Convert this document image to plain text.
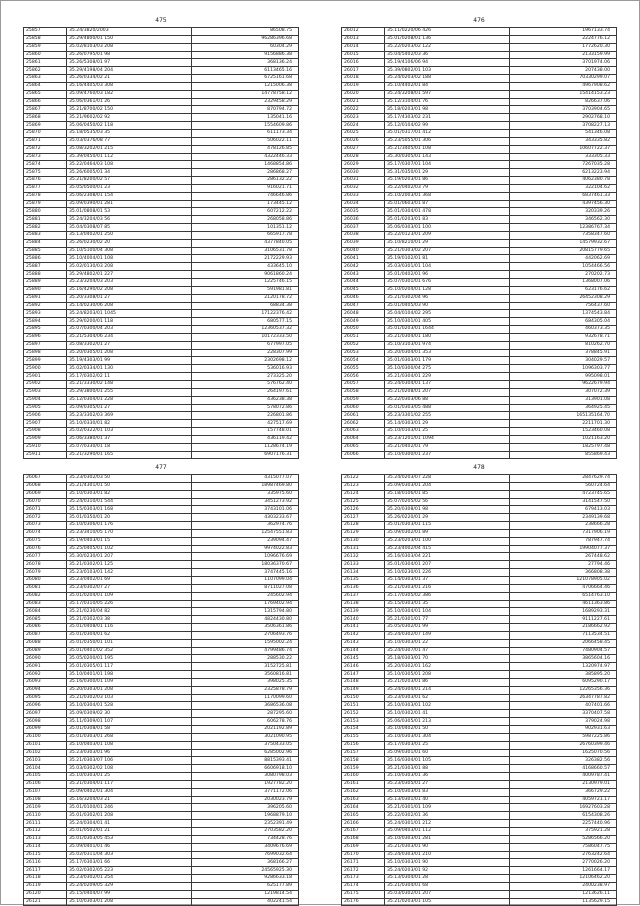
475
25857	35.24/3820/2003	86508.75
25858	35.29/4800/01 150	96286396.68
25859	35.02/8103/03 208	60304.29
25860	35.26/0795/01 98	9156886.38
25861	35.26/5308/01 97	368136.24
25862	35.29/4198/04 204	6113465.16
25863	35.26/0334/02 21	6725161.68
25864	35.16/4405/03 308	1215006.38
25865	35.09/4760/03 182	14778758.12
25866	35.06/0361/01 26	2329458.29
25867	35.21/8700/02 150	870794.72
25868	35.21/9602/02 92	135041.16
25869	35.06/0450/02 118	1554609.86
25870	35.18/0535/03 35	611173.34
25871	35.03/0376/08 77	506022.11
25872	35.08/3202/01 215	478126.85
25873	35.39/0450/01 112	4322446.33
25874	35.22/0464/03 108	1468854.86
25875	35.26/6005/01 34	286868.27
25876	35.21/8200/02 57	286132.22
25877	35.05/0500/01 23	916021.71
25878	35.06/2308/01 154	746646.86
25879	35.09/0390/01 281	173445.12
25880	35.01/0808/01 53	607212.22
25881	35.24/3204/03 56	268058.86
25882	35.04/0308/07 85	101351.12
25883	35.13/0402/01 250	665917.78
25884	35.26/0230/02 20	4377840.05
25885	35.10/5100/04 308	3106531.78
25886	35.10/4004/01 108	2172229.93
25887	35.02/0130/03 208	433645.10
25888	35.29/4802/01 227	9061860.24
25889	35.23/3204/03 203	1225746.15
25890	35.16/4290/02 208	591981.81
25891	35.20/3308/01 27	2120178.72
25892	35.14/0230/06 208	68834.38
25893	35.24/8203/01 1045	17122376.42
25894	35.29/0200/01 118	680577.15
25895	35.07/0300/04 203	12360537.32
25896	35.21/5304/06 234	10172333.50
25897	35.08/3302/01 27	677997.05
25898	35.20/0305/01 208	228307.99
25899	35.19/4303/01 99	2302698.12
25900	35.02/0334/01 130	536016.93
25901	35.17/0302/02 11	273325.20
25902	35.21/3330/02 148	576762.40
25903	35.29/3800/01 255	264197.61
25904	35.12/0304/01 228	436238.38
25905	35.09/0305/01 27	578072.86
25906	35.23/3302/03 369	226801.86
25907	35.10/0330/01 82	427517.69
25908	35.02/0322/01 103	157748.01
25909	35.06/3380/01 37	436119.42
25910	35.07/0330/01 18	1128674.19
25911	35.21/3290/01 165	6907176.31
476
26012	35.11/0220/06 426	1967133.74
26013	35.01/0208/01 136	2224776.12
26014	35.22/0203/02 122	1772620.30
26015	35.04/5402/03 36	2133159.99
26016	35.19/4106/06 94	3701974.06
26017	35.39/0802/01 103	207438.00
26018	35.24/0203/02 188	70330299.07
26019	35.10/4402/01 84	4967908.62
26020	35.24/3208/01 597	15414153.23
26021	35.12/3104/01 76	826637.06
26022	35.18/0203/01 98	3703904.65
26023	35.17/4303/02 231	2902768.10
26024	35.12/0104/02 99	3708227.13
26025	35.01/0317/01 412	541346.08
26026	35.23/5055/01 306	343335.82
26027	35.21/3405/01 108	10607722.37
26028	35.30/0305/01 143	333305.33
26029	35.17/0307/01 104	7267035.28
26030	35.31/0350/01 29	6213223.94
26031	35.19/0203/01 86	4062380.78
26032	35.22/0402/03 79	322104.62
26033	35.10/2003/01 368	6837461.33
26034	35.01/0603/01 87	4397456.30
26035	35.01/0304/01 478	320339.26
26036	35.01/0203/01 83	346562.30
26037	35.06/0303/01 100	12386767.34
26038	35.22/0123/01 209	7358347.60
26039	35.10/8210/01 29	14579932.67
26040	35.21/0303/02 207	20815779.65
26041	35.19/0102/01 81	442062.69
26042	35.03/0301/01 104	1054466.56
26043	35.01/0402/01 96	270202.73
26044	35.07/0301/01 676	1368007.06
26045	35.10/0204/01 128	623176.62
26046	35.21/0302/04 96	26452308.29
26047	35.01/0405/03 90	756437.60
26048	35.04/0104/02 295	1374543.84
26049	35.10/0301/01 405	684305.04
26050	35.01/0203/01 1644	460373.35
26051	35.21/0304/01 180	932678.71
26052	35.10/3103/01 974	810262.70
26053	35.20/0304/01 353	378845.91
26054	35.01/0303/01 179	304029.57
26055	35.10/0300/04 275	1096303.77
26056	35.21/0304/01 229	995098.01
26057	35.24/0304/01 137	9622679.94
26058	35.21/0208/01 207	307072.39
26059	35.22/0303/06 88	313901.08
26060	35.01/0303/05 488	364925.45
26061	35.23/3301/02 255	165135164.70
26062	35.14/0303/01 29	2211701.30
26063	35.10/0103/01 25	1523460.08
26064	35.23/1201/01 1094	1021163.20
26065	35.21/0402/01 79	1825797.48
26066	35.10/0300/01 237	855869.43
477
26067	35.23/0302/03 50	4315077.07
26068	35.21/4301/01 50	18987469.80
26069	35.10/0303/01 82	335975.60
26070	35.24/0310/01 544	3451273.92
26071	35.15/0303/01 168	3743101.06
26072	35.01/0350/01 20	4303233.67
26073	35.10/0306/01 176	362974.76
26074	35.23/3410/05 170	12547551.83
26075	35.19/0403/01 15	239094.47
26076	35.25/0405/01 102	9974022.83
26077	35.30/0230/01 207	1096676.69
26078	35.21/0302/01 125	18036370.67
26079	35.23/0103/01 142	3747445.16
26080	35.23/0402/01 69	1107099.04
26081	35.23/0302/07 27	8711027.08
26082	35.01/0204/01 109	245602.94
26083	35.17/0310/05 226	1769402.94
26084	35.21/0230/04 82	1315794.80
26085	35.21/0302/03 38	4824430.80
26086	35.01/0408/01 116	3506361.86
26087	35.01/0304/01 62	2706493.76
26088	35.01/0350/01 101	1595002.24
26089	35.01/0401/02 352	4799486.74
26090	35.05/0200/01 195	288530.22
26091	35.01/0305/01 117	3152725.81
26092	35.10/0401/01 198	3560816.81
26093	35.16/0300/01 109	398025.35
26094	35.20/0303/01 208	2325878.79
26095	35.21/0302/03 103	1170099.60
26096	35.10/0304/01 528	3686536.08
26097	35.09/0309/02 30	287295.60
26098	35.11/0309/01 107	606278.76
26099	35.01/0308/01 58	2021192.89
26100	35.01/0303/01 268	3021090.95
26101	35.10/0403/01 108	3750433.05
26102	35.23/0303/01 96	6285002.96
26103	35.21/0303/07 106	8815393.41
26104	35.03/0302/02 108	6606918.10
26105	35.10/0303/01 25	3080798.03
26106	35.21/0304/01 117	1927782.20
26107	35.09/0402/01 304	3771172.06
26108	35.16/3204/03 21	2030023.79
26109	35.01/0100/01 246	396205.60
26110	35.01/0302/01 208	1968879.10
26111	35.24/0304/01 41	2352391.49
26112	35.01/0502/01 21	2703582.20
26113	35.01/0303/05 453	734428.76
26114	35.09/0401/01 46	3409676.69
26115	35.02/0311/04 303	7699032.64
26116	35.17/0303/01 66	368166.27
26117	35.02/0302/05 223	24565925.30
26118	35.23/0302/01 254	9286633.18
26119	35.24/0209/05 329	625177.89
26120	35.15/0404/07 99	1219814.54
26121	35.10/0303/01 208	402241.54
478
26122	35.24/0203/07 228	2847629.74
26123	35.09/0303/01 204	560724.64
26124	35.18/0106/01 85	4723745.65
26125	35.07/0205/02 56	3141547.50
26126	35.20/0308/01 98	679413.03
26127	35.26/0220/01 29	2349139.68
26128	35.01/0303/01 115	238666.28
26129	35.09/0302/01 89	7317906.19
26130	35.23/0203/01 100	787947.74
26131	35.23/4002/04 415	19904077.37
26132	35.16/0303/04 221	267448.62
26133	35.01/0304/01 207	27794.46
26134	35.10/0230/01 226	366808.38
26135	35.14/0303/01 37	121078905.02
26136	35.21/0303/01 216	4706664.46
26137	35.17/0305/02 386	6514763.10
26138	35.15/0303/01 35	4611363.86
26139	35.10/0304/01 104	1689293.31
26140	35.21/0301/01 77	9111227.61
26141	35.05/0302/01 99	2186662.92
26142	35.24/0302/07 149	7113534.51
26143	35.10/0303/01 22	2066458.45
26144	35.24/0307/01 47	7480904.57
26145	35.18/0303/01 70	3865604.16
26146	35.20/0302/01 162	1320974.97
26147	35.10/0305/01 208	385895.20
26148	35.21/0203/01 86	6095290.17
26149	35.24/0304/01 214	12265356.36
26150	35.23/0303/01 62	26347787.82
26151	35.10/0303/01 102	407401.66
26152	35.10/0302/01 41	3370407.58
26153	35.06/0305/01 213	379024.98
26154	35.10/0402/01 50	902931.63
26155	35.10/0303/01 304	5987225.86
26156	35.17/0303/01 25	26760399.46
26157	35.09/0301/01 60	1625070.56
26158	35.16/0304/01 105	326382.56
26159	35.21/0303/01 88	4168660.57
26160	35.10/0303/01 36	4009787.41
26161	35.23/0305/01 27	2130979.01
26162	35.10/0303/01 83	366729.22
26163	35.13/0301/01 40	4059721.17
26164	35.21/0301/01 109	16927603.28
26165	35.22/0302/01 36	6154308.26
26166	35.24/0301/01 212	2257440.96
26167	35.09/0403/01 112	375921.28
26168	35.10/0303/01 281	5286566.20
26169	35.21/0303/01 90	7586047.75
26170	35.24/0303/01 210	2763242.64
26171	35.10/0303/01 90	2770026.20
26172	35.24/0203/01 92	1261664.17
26173	35.13/0304/01 28	12106462.20
26174	35.21/0304/01 68	2400238.97
26175	35.03/0302/01 207	1213626.11
26176	35.21/0203/01 105	1135629.15
